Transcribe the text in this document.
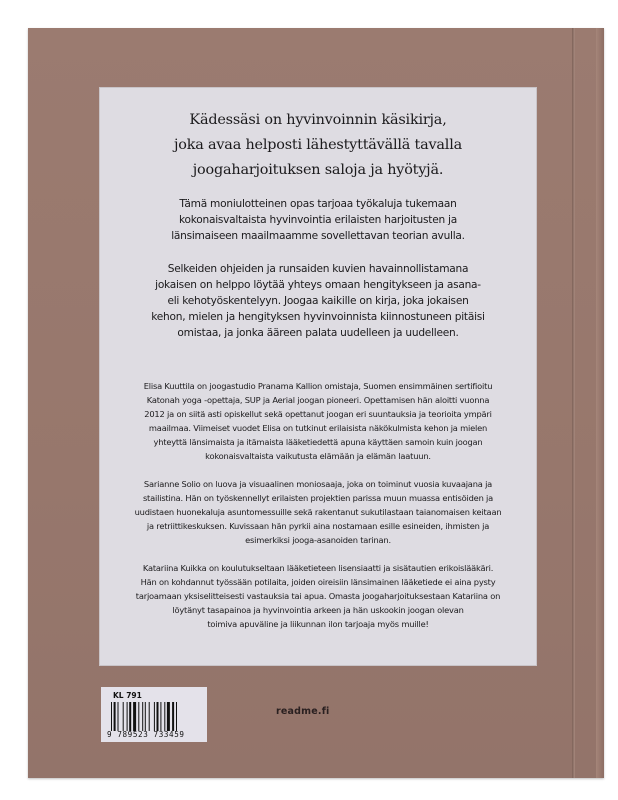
Kädessäsi on hyvinvoinnin käsikirja,
joka avaa helposti lähestyttävällä tavalla
joogaharjoituksen saloja ja hyötyjä.

Tämä moniulotteinen opas tarjoaa työkaluja tukemaan
kokonaisvaltaista hyvinvointia erilaisten harjoitusten ja
länsimaiseen maailmaamme sovellettavan teorian avulla.

Selkeiden ohjeiden ja runsaiden kuvien havainnollistamana
jokaisen on helppo löytää yhteys omaan hengitykseen ja asana-
eli kehotyöskentelyyn. Joogaa kaikille on kirja, joka jokaisen
kehon, mielen ja hengityksen hyvinvoinnista kiinnostuneen pitäisi
omistaa, ja jonka ääreen palata uudelleen ja uudelleen.

Elisa Kuuttila on joogastudio Pranama Kallion omistaja, Suomen ensimmäinen sertifioitu
Katonah yoga -opettaja, SUP ja Aerial joogan pioneeri. Opettamisen hän aloitti vuonna
2012 ja on siitä asti opiskellut sekä opettanut joogan eri suuntauksia ja teorioita ympäri
maailmaa. Viimeiset vuodet Elisa on tutkinut erilaisista näkökulmista kehon ja mielen
yhteyttä länsimaista ja itämaista lääketiedettä apuna käyttäen samoin kuin joogan
kokonaisvaltaista vaikutusta elämään ja elämän laatuun.

Sarianne Solio on luova ja visuaalinen moniosaaja, joka on toiminut vuosia kuvaajana ja
stailistina. Hän on työskennellyt erilaisten projektien parissa muun muassa entisöiden ja
uudistaen huonekaluja asuntomessuille sekä rakentanut sukutilastaan taianomaisen keitaan
ja retriittikeskuksen. Kuvissaan hän pyrkii aina nostamaan esille esineiden, ihmisten ja
esimerkiksi jooga-asanoiden tarinan.

Katariina Kuikka on koulutukseltaan lääketieteen lisensiaatti ja sisätautien erikoislääkäri.
Hän on kohdannut työssään potilaita, joiden oireisiin länsimainen lääketiede ei aina pysty
tarjoamaan yksiselitteisesti vastauksia tai apua. Omasta joogaharjoituksestaan Katariina on
löytänyt tasapainoa ja hyvinvointia arkeen ja hän uskookin joogan olevan
toimiva apuväline ja liikunnan ilon tarjoaja myös muille!

KL 791
9 789523 733459
readme.fi
